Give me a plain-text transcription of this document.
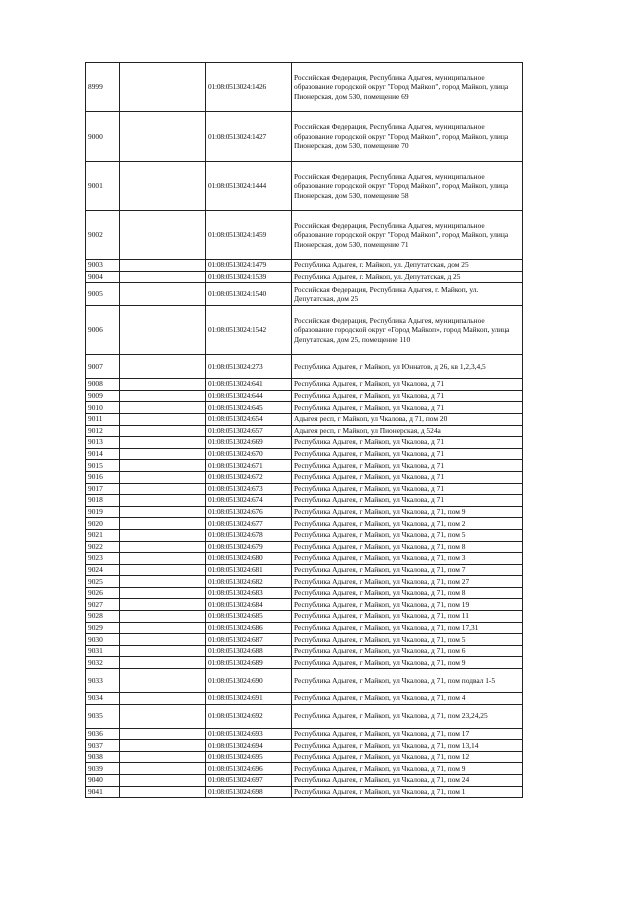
8999		01:08:0513024:1426	Российская Федерация, Республика Адыгея, муниципальное образование городской округ "Город Майкоп", город Майкоп, улица Пионерская, дом 530, помещение 69
9000		01:08:0513024:1427	Российская Федерация, Республика Адыгея, муниципальное образование городской округ "Город Майкоп", город Майкоп, улица Пионерская, дом 530, помещение 70
9001		01:08:0513024:1444	Российская Федерация, Республика Адыгея, муниципальное образование городской округ "Город Майкоп", город Майкоп, улица Пионерская, дом 530, помещение 58
9002		01:08:0513024:1459	Российская Федерация, Республика Адыгея, муниципальное образование городской округ "Город Майкоп", город Майкоп, улица Пионерская, дом 530, помещение 71
9003		01:08:0513024:1479	Республика Адыгея, г. Майкоп, ул. Депутатская, дом 25
9004		01:08:0513024:1539	Республика Адыгея, г. Майкоп, ул. Депутатская, д 25
9005		01:08:0513024:1540	Российская Федерация, Республика Адыгея, г. Майкоп, ул. Депутатская, дом 25
9006		01:08:0513024:1542	Российская Федерация, Республика Адыгея, муниципальное образование городской округ «Город Майкоп», город Майкоп, улица Депутатская, дом 25, помещение 110
9007		01:08:0513024:273	Республика Адыгея, г Майкоп, ул Юннатов, д 26, кв 1,2,3,4,5
9008		01:08:0513024:641	Республика Адыгея, г Майкоп, ул Чкалова, д 71
9009		01:08:0513024:644	Республика Адыгея, г Майкоп, ул Чкалова, д 71
9010		01:08:0513024:645	Республика Адыгея, г Майкоп, ул Чкалова, д 71
9011		01:08:0513024:654	Адыгея респ, г Майкоп, ул Чкалова, д 71, пом 20
9012		01:08:0513024:657	Адыгея респ, г Майкоп, ул Пионерская, д 524а
9013		01:08:0513024:669	Республика Адыгея, г Майкоп, ул Чкалова, д 71
9014		01:08:0513024:670	Республика Адыгея, г Майкоп, ул Чкалова, д 71
9015		01:08:0513024:671	Республика Адыгея, г Майкоп, ул Чкалова, д 71
9016		01:08:0513024:672	Республика Адыгея, г Майкоп, ул Чкалова, д 71
9017		01:08:0513024:673	Республика Адыгея, г Майкоп, ул Чкалова, д 71
9018		01:08:0513024:674	Республика Адыгея, г Майкоп, ул Чкалова, д 71
9019		01:08:0513024:676	Республика Адыгея, г Майкоп, ул Чкалова, д 71, пом 9
9020		01:08:0513024:677	Республика Адыгея, г Майкоп, ул Чкалова, д 71, пом 2
9021		01:08:0513024:678	Республика Адыгея, г Майкоп, ул Чкалова, д 71, пом 5
9022		01:08:0513024:679	Республика Адыгея, г Майкоп, ул Чкалова, д 71, пом 8
9023		01:08:0513024:680	Республика Адыгея, г Майкоп, ул Чкалова, д 71, пом 3
9024		01:08:0513024:681	Республика Адыгея, г Майкоп, ул Чкалова, д 71, пом 7
9025		01:08:0513024:682	Республика Адыгея, г Майкоп, ул Чкалова, д 71, пом 27
9026		01:08:0513024:683	Республика Адыгея, г Майкоп, ул Чкалова, д 71, пом 8
9027		01:08:0513024:684	Республика Адыгея, г Майкоп, ул Чкалова, д 71, пом 19
9028		01:08:0513024:685	Республика Адыгея, г Майкоп, ул Чкалова, д 71, пом 11
9029		01:08:0513024:686	Республика Адыгея, г Майкоп, ул Чкалова, д 71, пом 17,31
9030		01:08:0513024:687	Республика Адыгея, г Майкоп, ул Чкалова, д 71, пом 5
9031		01:08:0513024:688	Республика Адыгея, г Майкоп, ул Чкалова, д 71, пом 6
9032		01:08:0513024:689	Республика Адыгея, г Майкоп, ул Чкалова, д 71, пом 9
9033		01:08:0513024:690	Республика Адыгея, г Майкоп, ул Чкалова, д 71, пом подвал 1-5
9034		01:08:0513024:691	Республика Адыгея, г Майкоп, ул Чкалова, д 71, пом 4
9035		01:08:0513024:692	Республика Адыгея, г Майкоп, ул Чкалова, д 71, пом 23,24,25
9036		01:08:0513024:693	Республика Адыгея, г Майкоп, ул Чкалова, д 71, пом 17
9037		01:08:0513024:694	Республика Адыгея, г Майкоп, ул Чкалова, д 71, пом 13,14
9038		01:08:0513024:695	Республика Адыгея, г Майкоп, ул Чкалова, д 71, пом 12
9039		01:08:0513024:696	Республика Адыгея, г Майкоп, ул Чкалова, д 71, пом 9
9040		01:08:0513024:697	Республика Адыгея, г Майкоп, ул Чкалова, д 71, пом 24
9041		01:08:0513024:698	Республика Адыгея, г Майкоп, ул Чкалова, д 71, пом 1
